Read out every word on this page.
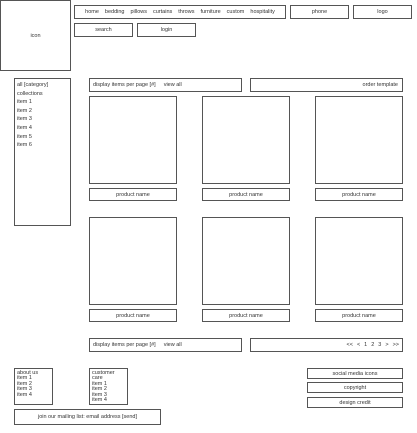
icon
home bedding pillows curtains throws furniture custom hospitality	phone	logo
search	login
all [category]
collections
item 1
item 2
item 3
item 4
item 5
item 6
display items per page [#] view all	order template
product name	product name	product name
product name	product name	product name
display items per page [#] view all	<< < 1 2 3 > >>
about us
item 1
item 2
item 3
item 4
customer care
item 1
item 2
item 3
item 4
social media icons
copyright
design credit
join our mailing list: email address [send]
